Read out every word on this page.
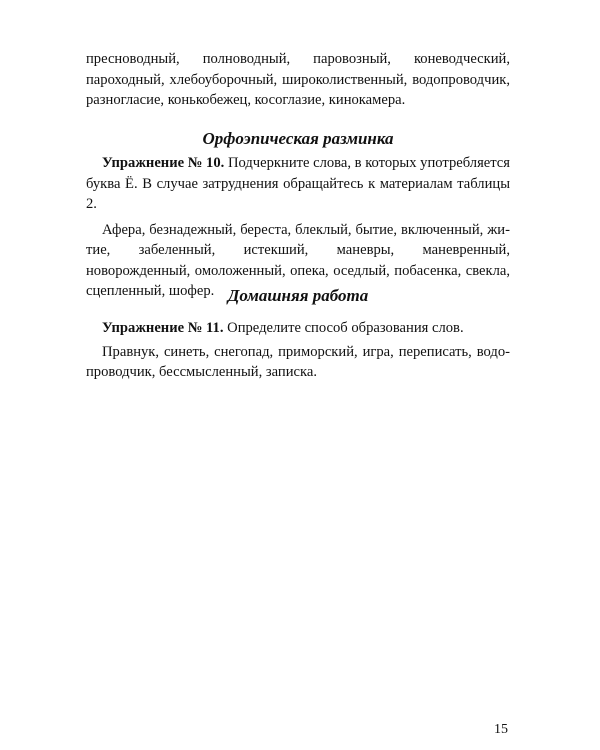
пресноводный, полноводный, паровозный, коневодческий, пароходный, хлебоуборочный, широколиственный, водопроводчик, разногласие, конькобежец, косоглазие, кинокамера.

Орфоэпическая разминка

Упражнение № 10. Подчеркните слова, в которых употребляется буква Ё. В случае затруднения обращайтесь к материалам таблицы 2.

Афера, безнадежный, береста, блеклый, бытие, включенный, житие, забеленный, истекший, маневры, маневренный, новорожденный, омоложенный, опека, оседлый, побасенка, свекла, сцепленный, шофер. Домашняя работа

Упражнение № 11. Определите способ образования слов.

Правнук, синеть, снегопад, приморский, игра, переписать, водопроводчик, бессмысленный, записка.

15
